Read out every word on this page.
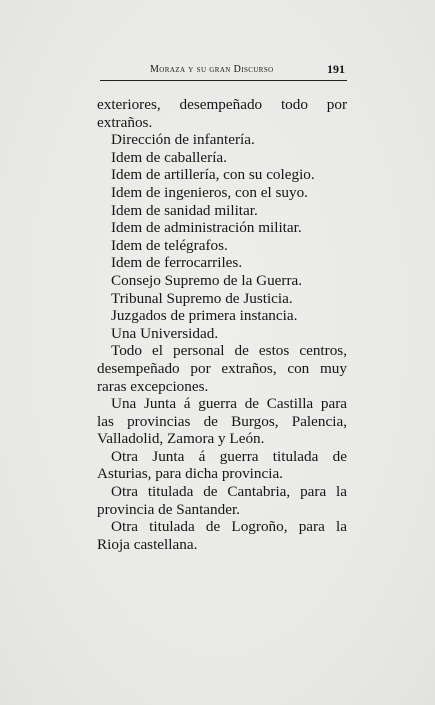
Moraza y su gran Discurso	191
exteriores, desempeñado todo por
extraños.
Dirección de infantería.
Idem de caballería.
Idem de artillería, con su colegio.
Idem de ingenieros, con el suyo.
Idem de sanidad militar.
Idem de administración militar.
Idem de telégrafos.
Idem de ferrocarriles.
Consejo Supremo de la Guerra.
Tribunal Supremo de Justicia.
Juzgados de primera instancia.
Una Universidad.
Todo el personal de estos centros,
desempeñado por extraños, con muy
raras excepciones.
Una Junta á guerra de Castilla para
las provincias de Burgos, Palencia,
Valladolid, Zamora y León.
Otra Junta á guerra titulada de
Asturias, para dicha provincia.
Otra titulada de Cantabria, para la
provincia de Santander.
Otra titulada de Logroño, para la
Rioja castellana.
